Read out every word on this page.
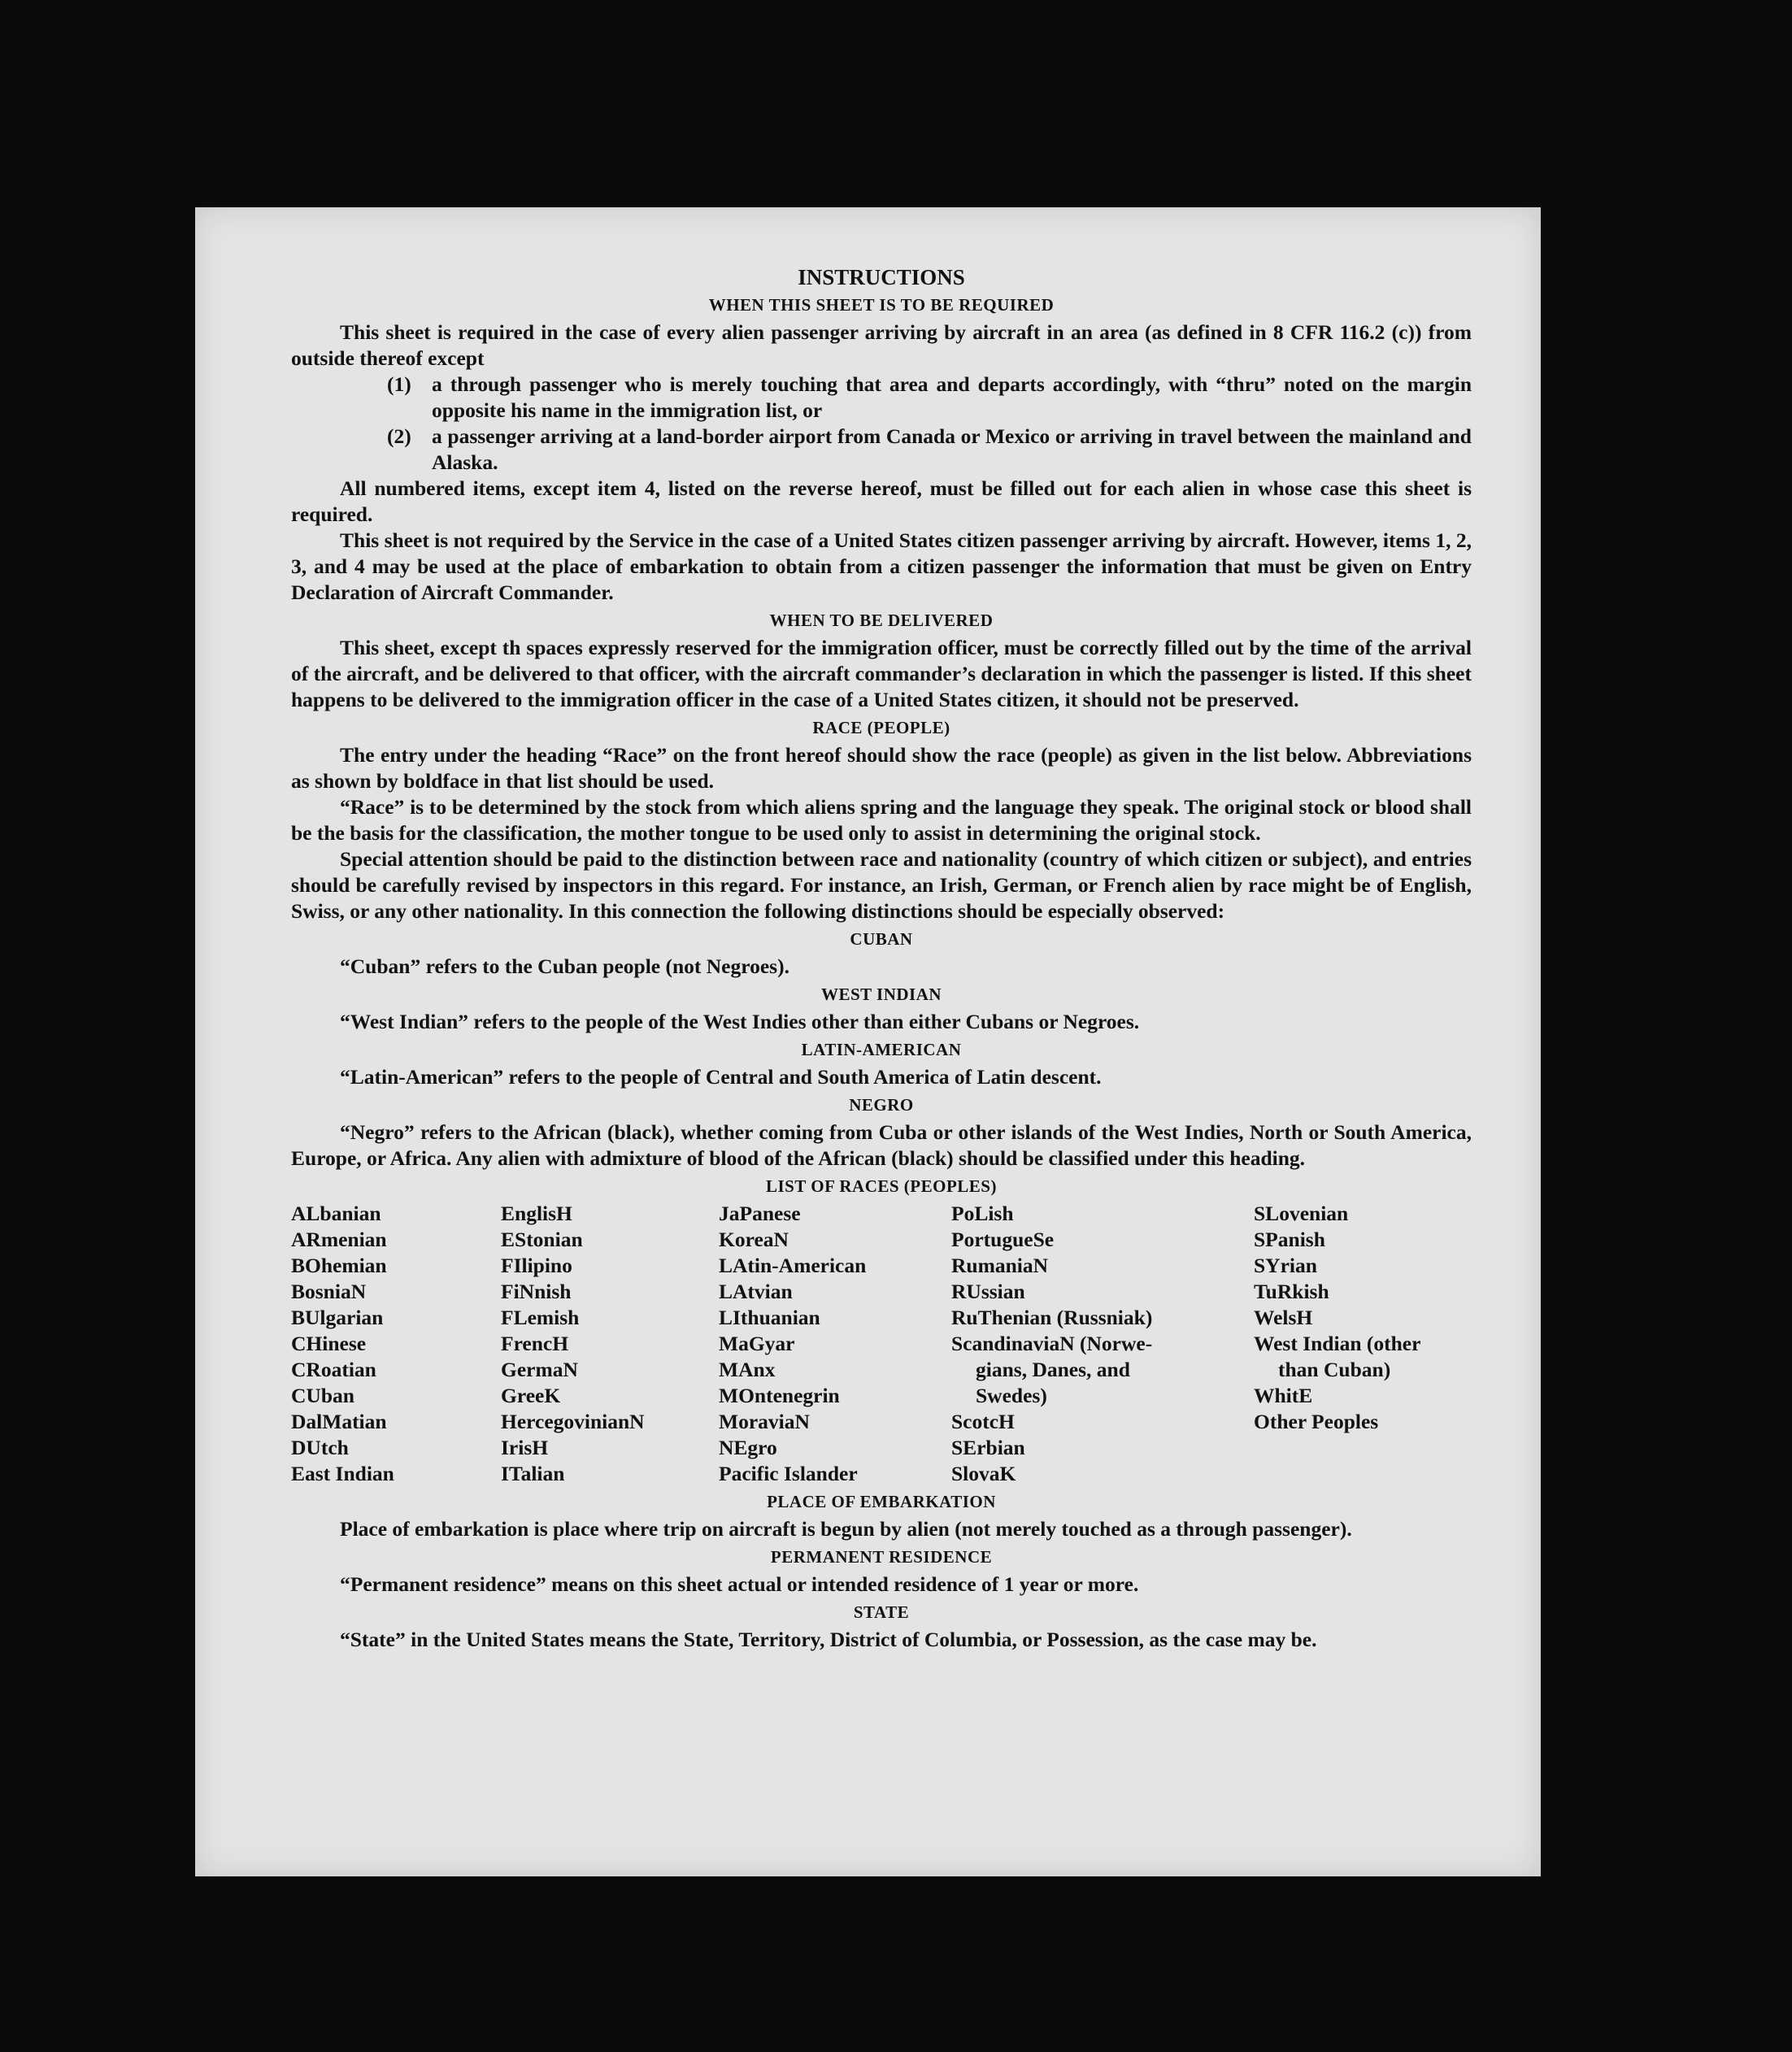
INSTRUCTIONS
WHEN THIS SHEET IS TO BE REQUIRED

This sheet is required in the case of every alien passenger arriving by aircraft in an area (as defined in 8 CFR 116.2 (c)) from outside thereof except

(1) a through passenger who is merely touching that area and departs accordingly, with “thru” noted on the margin opposite his name in the immigration list, or
(2) a passenger arriving at a land-border airport from Canada or Mexico or arriving in travel between the mainland and Alaska.

All numbered items, except item 4, listed on the reverse hereof, must be filled out for each alien in whose case this sheet is required.

This sheet is not required by the Service in the case of a United States citizen passenger arriving by aircraft. However, items 1, 2, 3, and 4 may be used at the place of embarkation to obtain from a citizen passenger the information that must be given on Entry Declaration of Aircraft Commander.

WHEN TO BE DELIVERED

This sheet, except th spaces expressly reserved for the immigration officer, must be correctly filled out by the time of the arrival of the aircraft, and be delivered to that officer, with the aircraft commander’s declaration in which the passenger is listed. If this sheet happens to be delivered to the immigration officer in the case of a United States citizen, it should not be preserved.

RACE (PEOPLE)

The entry under the heading “Race” on the front hereof should show the race (people) as given in the list below. Abbreviations as shown by boldface in that list should be used.

“Race” is to be determined by the stock from which aliens spring and the language they speak. The original stock or blood shall be the basis for the classification, the mother tongue to be used only to assist in determining the original stock.

Special attention should be paid to the distinction between race and nationality (country of which citizen or subject), and entries should be carefully revised by inspectors in this regard. For instance, an Irish, German, or French alien by race might be of English, Swiss, or any other nationality. In this connection the following distinctions should be especially observed:

CUBAN

“Cuban” refers to the Cuban people (not Negroes).

WEST INDIAN

“West Indian” refers to the people of the West Indies other than either Cubans or Negroes.

LATIN-AMERICAN

“Latin-American” refers to the people of Central and South America of Latin descent.

NEGRO

“Negro” refers to the African (black), whether coming from Cuba or other islands of the West Indies, North or South America, Europe, or Africa. Any alien with admixture of blood of the African (black) should be classified under this heading.

LIST OF RACES (PEOPLES)
ALbanian
ARmenian
BOhemian
BosniaN
BUlgarian
CHinese
CRoatian
CUban
DalMatian
DUtch
East Indian
EnglisH
EStonian
FIlipino
FiNnish
FLemish
FrencH
GermaN
GreeK
HercegovinianN
IrisH
ITalian
JaPanese
KoreaN
LAtin-American
LAtvian
LIthuanian
MaGyar
MAnx
MOntenegrin
MoraviaN
NEgro
Pacific Islander
PoLish
PortugueSe
RumaniaN
RUssian
RuThenian (Russniak)
ScandinaviaN (Norwe-
gians, Danes, and
Swedes)
ScotcH
SErbian
SlovaK
SLovenian
SPanish
SYrian
TuRkish
WelsH
West Indian (other
than Cuban)
WhitE
Other Peoples
PLACE OF EMBARKATION

Place of embarkation is place where trip on aircraft is begun by alien (not merely touched as a through passenger).

PERMANENT RESIDENCE

“Permanent residence” means on this sheet actual or intended residence of 1 year or more.

STATE

“State” in the United States means the State, Territory, District of Columbia, or Possession, as the case may be.
